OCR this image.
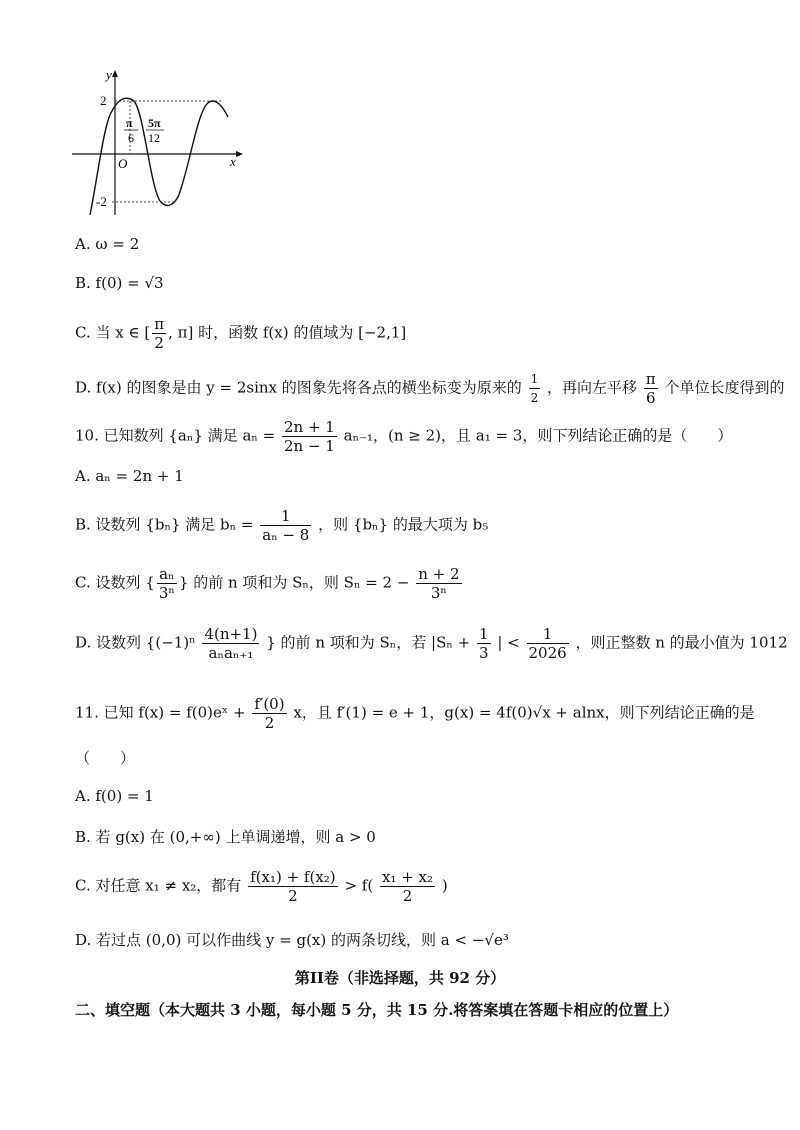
y
x
O
2
-2
π
6
5π
12
A. ω = 2
B. f(0) = √3
C. 当 x ∈ [ $\frac{\pi}{2}$ , π] 时，函数 f(x) 的值域为 [−2,1]
D. f(x) 的图象是由 y = 2sinx 的图象先将各点的横坐标变为原来的 $\frac{1}{2}$ ，再向左平移 $\frac{\pi}{6}$ 个单位长度得到的
10. 已知数列 {aₙ} 满足 $a_n = \frac{2n + 1}{2n - 1} a_{n-1}$，(n ≥ 2)，且 a₁ = 3，则下列结论正确的是（　　）
A. aₙ = 2n + 1
B. 设数列 {bₙ} 满足 $b_n = \frac{1}{\text{aₙ − 8}}$ ，则 {bₙ} 的最大项为 b₅
C. 设数列 { $\frac{\text{aₙ}}{\text{3ⁿ}}$ } 的前 n 项和为 Sₙ，则 $S_n = 2 - \frac{n + 2}{\text{3ⁿ}}$
D. 设数列 {$(-1)^n \frac{4(n+1)}{\text{aₙaₙ₊₁}}$ } 的前 n 项和为 Sₙ，若 $|S_n + \frac{1}{3}$ | < $\frac{1}{2026}$ ，则正整数 n 的最小值为 1012
11. 已知 f(x) = f(0)eˣ + $\frac{f'(0)}{2}$ x，且 f′(1) = e + 1，g(x) = 4f(0)√x + alnx，则下列结论正确的是
（　　）
A. f(0) = 1
B. 若 g(x) 在 (0,+∞) 上单调递增，则 a > 0
C. 对任意 x₁ ≠ x₂，都有 $\frac{\text{f(x₁) + f(x₂)}}{2} > f( \frac{\text{x₁ + x₂}}{2}$ )
D. 若过点 (0,0) 可以作曲线 y = g(x) 的两条切线，则 a < −√e³
第II卷（非选择题，共 92 分）
二、填空题（本大题共 3 小题，每小题 5 分，共 15 分.将答案填在答题卡相应的位置上）
